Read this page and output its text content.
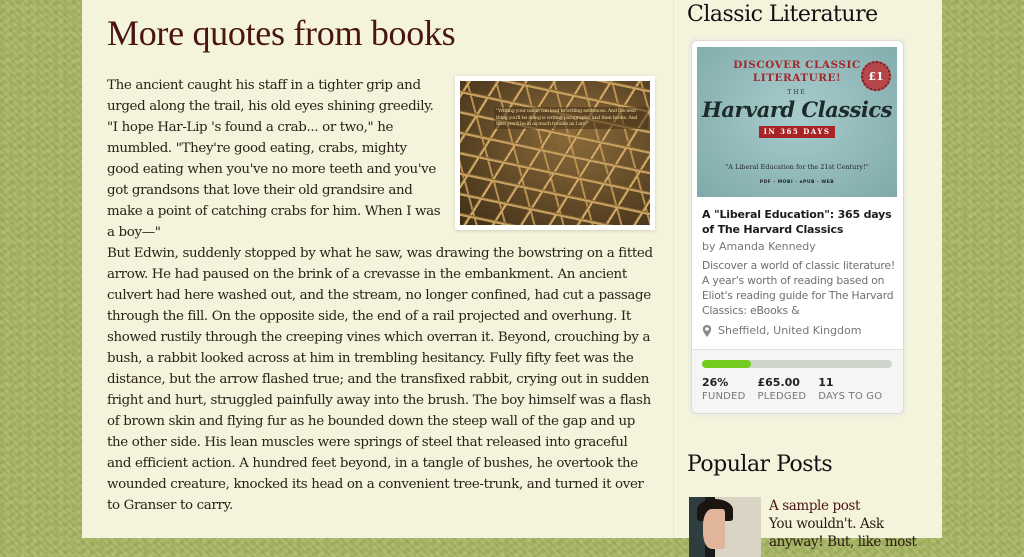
More quotes from books
"Writing your name can lead to writing sentences. And the next thing you'll be doing is writing paragraphs, and then books. And then you'll be in as much trouble as I am!"

The ancient caught his staff in a tighter grip and urged along the trail, his old eyes shining greedily.

"I hope Har-Lip 's found a crab... or two," he mumbled. "They're good eating, crabs, mighty good eating when you've no more teeth and you've got grandsons that love their old grandsire and make a point of catching crabs for him. When I was a boy—"

But Edwin, suddenly stopped by what he saw, was drawing the bowstring on a fitted arrow. He had paused on the brink of a crevasse in the embankment. An ancient culvert had here washed out, and the stream, no longer confined, had cut a passage through the fill. On the opposite side, the end of a rail projected and overhung. It showed rustily through the creeping vines which overran it. Beyond, crouching by a bush, a rabbit looked across at him in trembling hesitancy. Fully fifty feet was the distance, but the arrow flashed true; and the transfixed rabbit, crying out in sudden fright and hurt, struggled painfully away into the brush. The boy himself was a flash of brown skin and flying fur as he bounded down the steep wall of the gap and up the other side. His lean muscles were springs of steel that released into graceful and efficient action. A hundred feet beyond, in a tangle of bushes, he overtook the wounded creature, knocked its head on a convenient tree-trunk, and turned it over to Granser to carry.

Classic Literature
DISCOVER CLASSIC LITERATURE!	£1
THE
Harvard Classics
IN 365 DAYS
"A Liberal Education for the 21st Century!"
PDF · MOBI · ePUB · WEB
A "Liberal Education": 365 days of The Harvard Classics
by Amanda Kennedy
Discover a world of classic literature! A year's worth of reading based on Eliot's reading guide for The Harvard Classics: eBooks &
Sheffield, United Kingdom
26%
FUNDED
£65.00
PLEDGED
11
DAYS TO GO
Popular Posts
A sample post
You wouldn't. Ask anyway! But, like most
